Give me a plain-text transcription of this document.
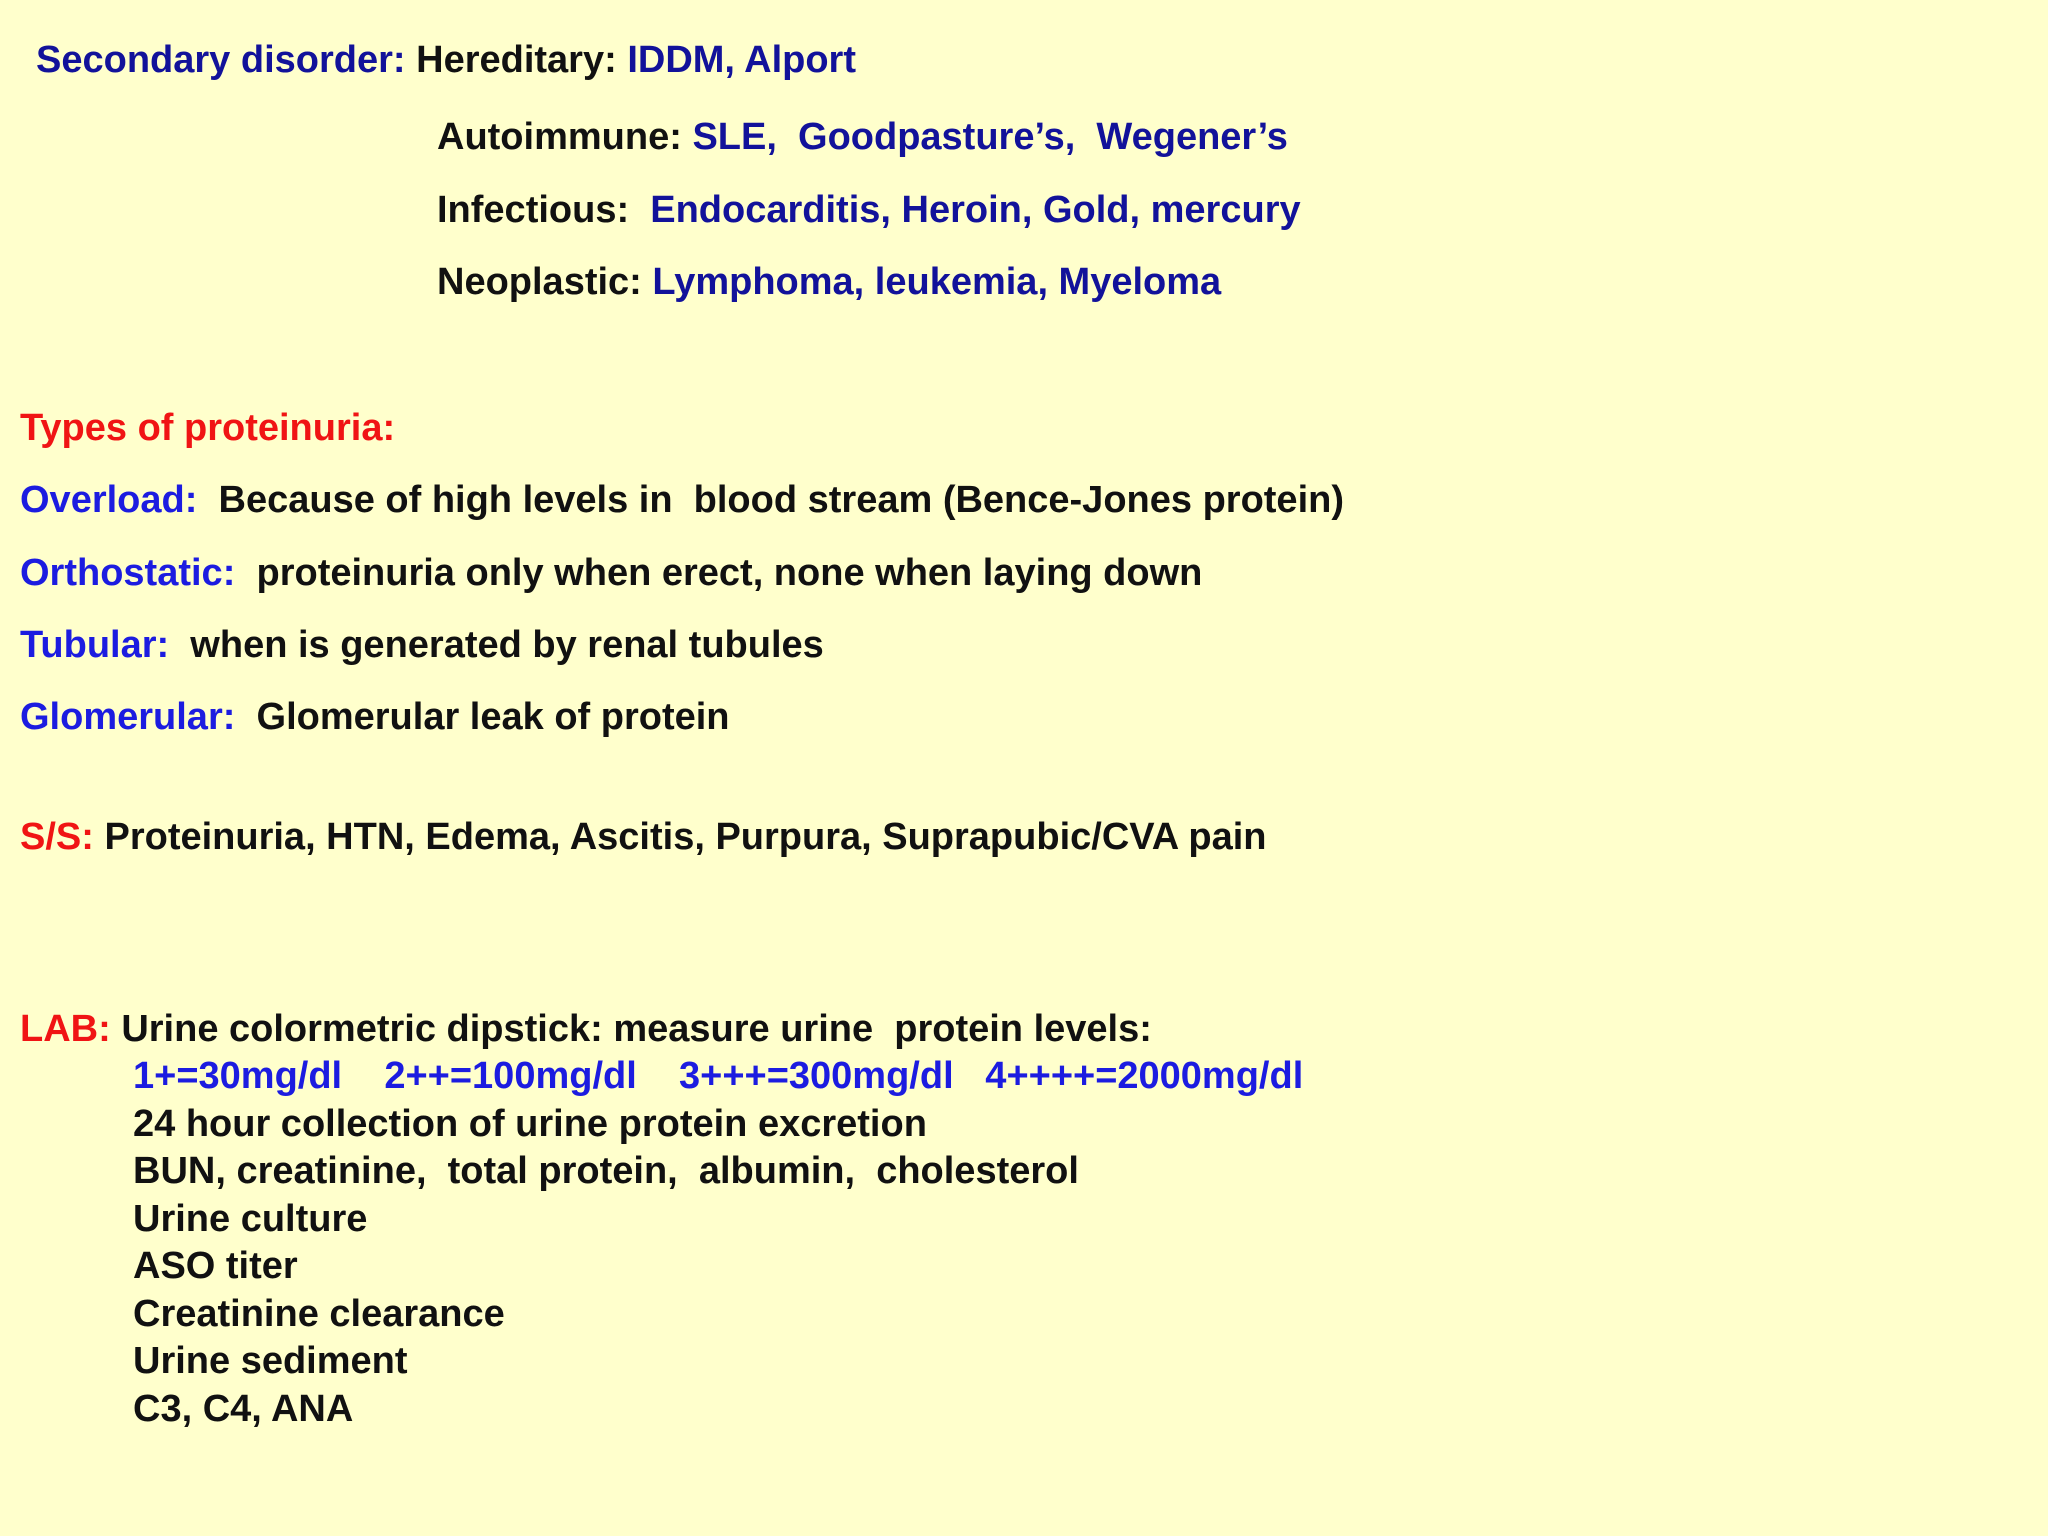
Secondary disorder: Hereditary: IDDM, Alport
Autoimmune: SLE,  Goodpasture’s,  Wegener’s
Infectious: Endocarditis, Heroin, Gold, mercury
Neoplastic: Lymphoma, leukemia, Myeloma
Types of proteinuria:
Overload: Because of high levels in  blood stream (Bence-Jones protein)
Orthostatic: proteinuria only when erect, none when laying down
Tubular: when is generated by renal tubules
Glomerular: Glomerular leak of protein
S/S: Proteinuria, HTN, Edema, Ascitis, Purpura, Suprapubic/CVA pain
LAB: Urine colormetric dipstick: measure urine  protein levels:
1+=30mg/dl    2++=100mg/dl    3+++=300mg/dl   4++++=2000mg/dl
24 hour collection of urine protein excretion
BUN, creatinine,  total protein,  albumin,  cholesterol
Urine culture
ASO titer
Creatinine clearance
Urine sediment
C3, C4, ANA
